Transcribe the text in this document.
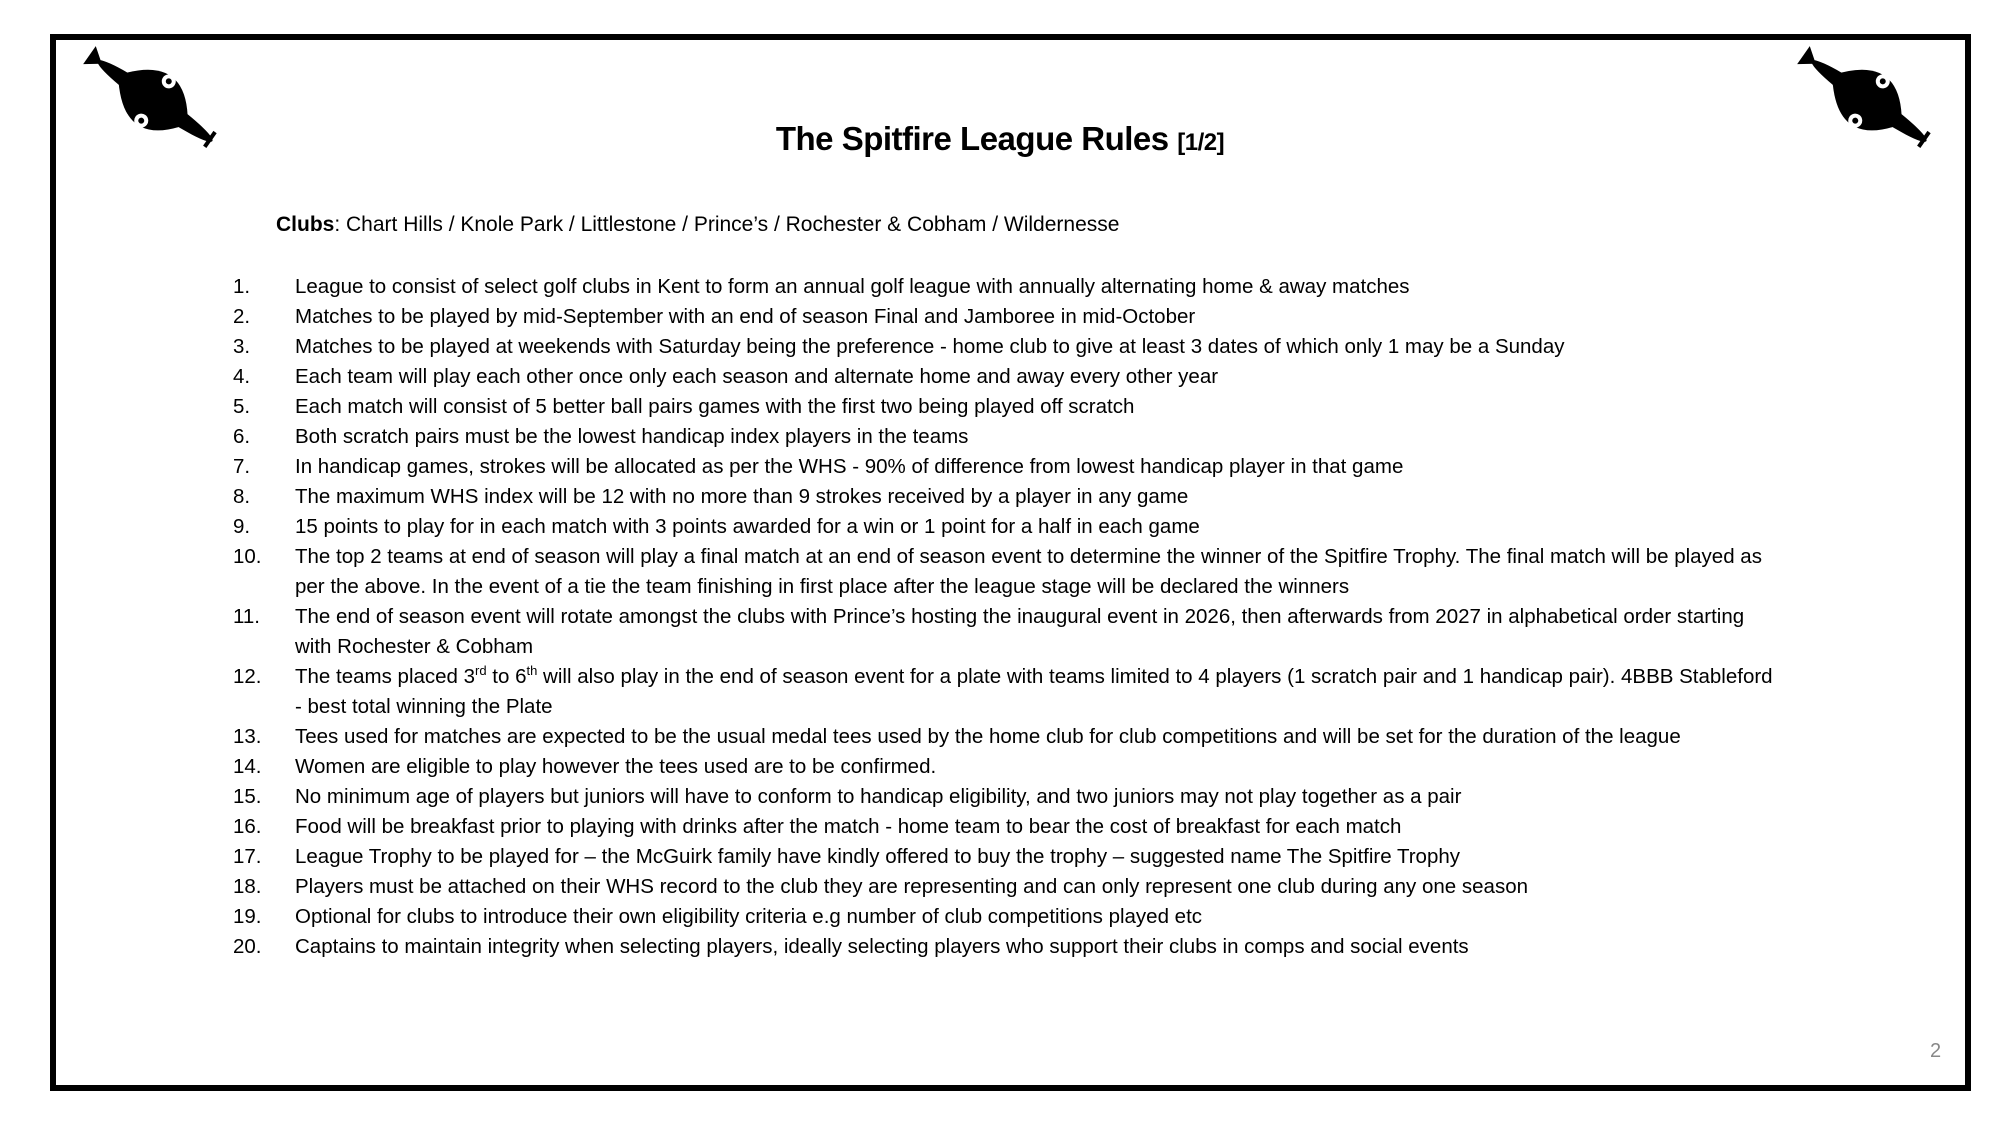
The Spitfire League Rules [1/2]
Clubs: Chart Hills / Knole Park / Littlestone / Prince’s / Rochester & Cobham / Wildernesse
1.	League to consist of select golf clubs in Kent to form an annual golf league with annually alternating home & away matches
2.	Matches to be played by mid-September with an end of season Final and Jamboree in mid-October
3.	Matches to be played at weekends with Saturday being the preference - home club to give at least 3 dates of which only 1 may be a Sunday
4.	Each team will play each other once only each season and alternate home and away every other year
5.	Each match will consist of 5 better ball pairs games with the first two being played off scratch
6.	Both scratch pairs must be the lowest handicap index players in the teams
7.	In handicap games, strokes will be allocated as per the WHS - 90% of difference from lowest handicap player in that game
8.	The maximum WHS index will be 12 with no more than 9 strokes received by a player in any game
9.	15 points to play for in each match with 3 points awarded for a win or 1 point for a half in each game
10.	The top 2 teams at end of season will play a final match at an end of season event to determine the winner of the Spitfire Trophy. The final match will be played as per the above. In the event of a tie the team finishing in first place after the league stage will be declared the winners
11.	The end of season event will rotate amongst the clubs with Prince’s hosting the inaugural event in 2026, then afterwards from 2027 in alphabetical order starting with Rochester & Cobham
12.	The teams placed 3rd to 6th will also play in the end of season event for a plate with teams limited to 4 players (1 scratch pair and 1 handicap pair). 4BBB Stableford - best total winning the Plate
13.	Tees used for matches are expected to be the usual medal tees used by the home club for club competitions and will be set for the duration of the league
14.	Women are eligible to play however the tees used are to be confirmed.
15.	No minimum age of players but juniors will have to conform to handicap eligibility, and two juniors may not play together as a pair
16.	Food will be breakfast prior to playing with drinks after the match - home team to bear the cost of breakfast for each match
17.	League Trophy to be played for – the McGuirk family have kindly offered to buy the trophy – suggested name The Spitfire Trophy
18.	Players must be attached on their WHS record to the club they are representing and can only represent one club during any one season
19.	Optional for clubs to introduce their own eligibility criteria e.g number of club competitions played etc
20.	Captains to maintain integrity when selecting players, ideally selecting players who support their clubs in comps and social events
2
